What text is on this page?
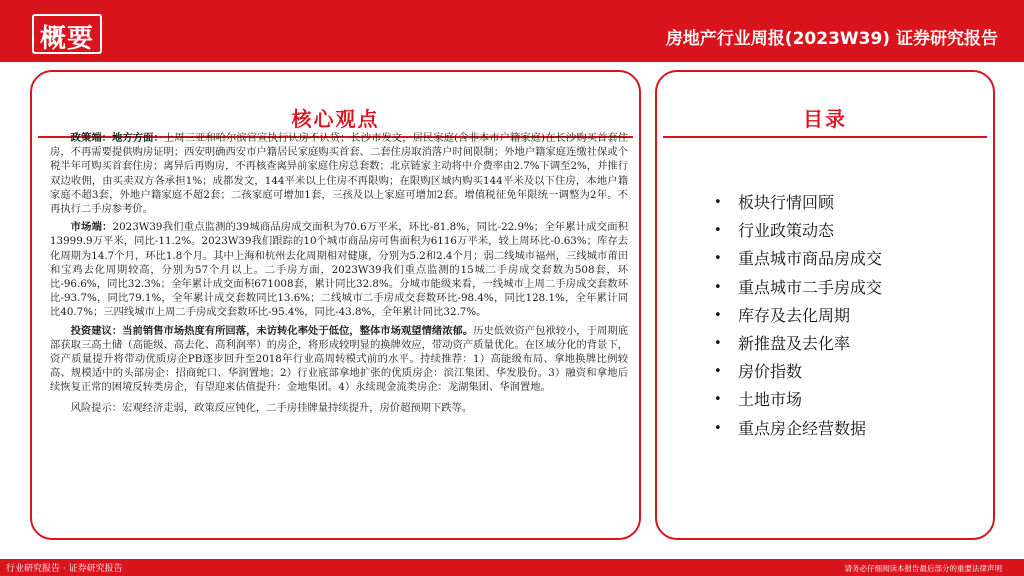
概要	房地产行业周报(2023W39) 证券研究报告
核心观点

政策端：地方方面：上周三亚和哈尔滨官宣执行认房不认贷；长沙市发文，居民家庭(含非本市户籍家庭)在长沙购买首套住房，不再需要提供购房证明；西安明确西安市户籍居民家庭购买首套、二套住房取消落户时间限制；外地户籍家庭连缴社保或个税半年可购买首套住房；离异后再购房，不再核查离异前家庭住房总套数；北京链家主动将中介费率由2.7%下调至2%，并推行双边收佣，由买卖双方各承担1%；成都发文，144平米以上住房不再限购；在限购区域内购买144平米及以下住房，本地户籍家庭不超3套，外地户籍家庭不超2套；二孩家庭可增加1套，三孩及以上家庭可增加2套。增值税征免年限统一调整为2年。不再执行二手房参考价。

市场端：2023W39我们重点监测的39城商品房成交面积为70.6万平米，环比-81.8%，同比-22.9%；全年累计成交面积13999.9万平米，同比-11.2%。2023W39我们跟踪的10个城市商品房可售面积为6116万平米，较上周环比-0.63%；库存去化周期为14.7个月，环比1.8个月。其中上海和杭州去化周期相对健康，分别为5.2和2.4个月；弱二线城市福州，三线城市莆田和宝鸡去化周期较高，分别为57个月以上。二手房方面，2023W39我们重点监测的15城二手房成交套数为508套，环比-96.6%，同比32.3%；全年累计成交面积671008套，累计同比32.8%。分城市能级来看，一线城市上周二手房成交套数环比-93.7%，同比79.1%，全年累计成交套数同比13.6%；二线城市二手房成交套数环比-98.4%，同比128.1%，全年累计同比40.7%；三四线城市上周二手房成交套数环比-95.4%，同比-43.8%，全年累计同比32.7%。

投资建议：当前销售市场热度有所回落，未访转化率处于低位，整体市场观望情绪浓郁。历史低效资产包袱较小，于周期底部获取三高土储（高能级、高去化、高利润率）的房企，将形成较明显的换牌效应，带动资产质量优化。在区域分化的背景下，资产质量提升将带动优质房企PB逐步回升至2018年行业高周转模式前的水平。持续推荐：1）高能级布局、拿地换牌比例较高、规模适中的头部房企：招商蛇口、华润置地；2）行业底部拿地扩张的优质房企：滨江集团、华发股份。3）融资和拿地后续恢复正常的困境反转类房企，有望迎来估值提升：金地集团。4）永续现金流类房企：龙湖集团、华润置地。

风险提示：宏观经济走弱，政策反应钝化，二手房挂牌量持续提升，房价超预期下跌等。

目录
• 板块行情回顾
• 行业政策动态
• 重点城市商品房成交
• 重点城市二手房成交
• 库存及去化周期
• 新推盘及去化率
• 房价指数
• 土地市场
• 重点房企经营数据
行业研究报告 · 证券研究报告	请务必仔细阅读本报告最后部分的重要法律声明
